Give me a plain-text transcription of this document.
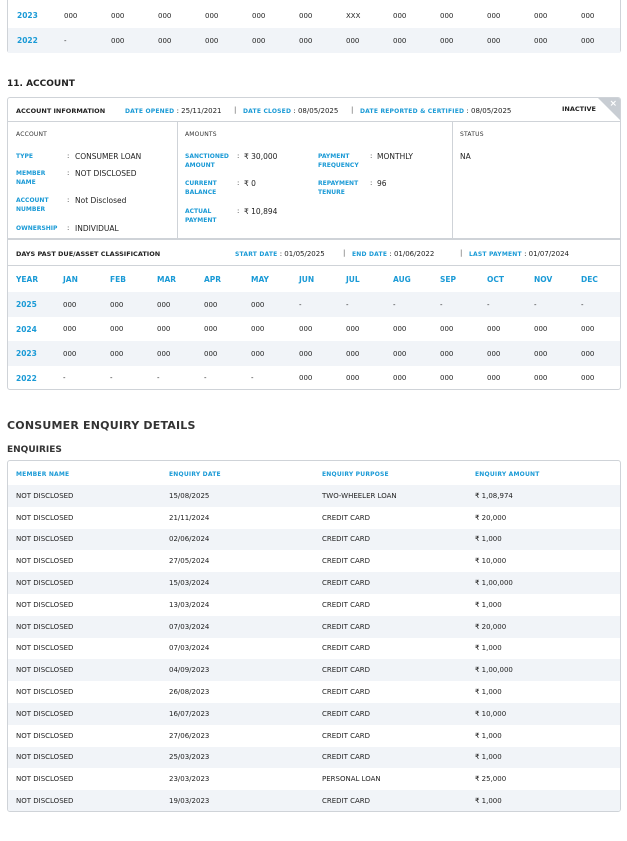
2023	000	000	000	000	000	000	XXX	000	000	000	000	000
2022	-	000	000	000	000	000	000	000	000	000	000	000
11. ACCOUNT
ACCOUNT INFORMATION	DATE OPENED : 25/11/2021 | DATE CLOSED : 08/05/2025 | DATE REPORTED & CERTIFIED : 08/05/2025	INACTIVE ×
ACCOUNT	AMOUNTS	STATUS
TYPE	: CONSUMER LOAN
MEMBER NAME
: NOT DISCLOSED
ACCOUNT NUMBER
: Not Disclosed
OWNERSHIP : INDIVIDUAL
SANCTIONED AMOUNT
: ₹ 30,000
CURRENT BALANCE
: ₹ 0
ACTUAL PAYMENT
: ₹ 10,894
PAYMENT FREQUENCY
: MONTHLY
REPAYMENT TENURE
: 96
NA
DAYS PAST DUE/ASSET CLASSIFICATION	START DATE : 01/05/2025	| END DATE : 01/06/2022	| LAST PAYMENT : 01/07/2024
YEAR	JAN	FEB	MAR	APR	MAY	JUN	JUL	AUG	SEP	OCT	NOV	DEC
2025	000	000	000	000	000	-	-	-	-	-	-	-
2024	000	000	000	000	000	000	000	000	000	000	000	000
2023	000	000	000	000	000	000	000	000	000	000	000	000
2022	-	-	-	-	-	000	000	000	000	000	000	000
CONSUMER ENQUIRY DETAILS
ENQUIRIES
MEMBER NAME	ENQUIRY DATE	ENQUIRY PURPOSE	ENQUIRY AMOUNT
NOT DISCLOSED	15/08/2025	TWO-WHEELER LOAN	₹ 1,08,974
NOT DISCLOSED	21/11/2024	CREDIT CARD	₹ 20,000
NOT DISCLOSED	02/06/2024	CREDIT CARD	₹ 1,000
NOT DISCLOSED	27/05/2024	CREDIT CARD	₹ 10,000
NOT DISCLOSED	15/03/2024	CREDIT CARD	₹ 1,00,000
NOT DISCLOSED	13/03/2024	CREDIT CARD	₹ 1,000
NOT DISCLOSED	07/03/2024	CREDIT CARD	₹ 20,000
NOT DISCLOSED	07/03/2024	CREDIT CARD	₹ 1,000
NOT DISCLOSED	04/09/2023	CREDIT CARD	₹ 1,00,000
NOT DISCLOSED	26/08/2023	CREDIT CARD	₹ 1,000
NOT DISCLOSED	16/07/2023	CREDIT CARD	₹ 10,000
NOT DISCLOSED	27/06/2023	CREDIT CARD	₹ 1,000
NOT DISCLOSED	25/03/2023	CREDIT CARD	₹ 1,000
NOT DISCLOSED	23/03/2023	PERSONAL LOAN	₹ 25,000
NOT DISCLOSED	19/03/2023	CREDIT CARD	₹ 1,000
